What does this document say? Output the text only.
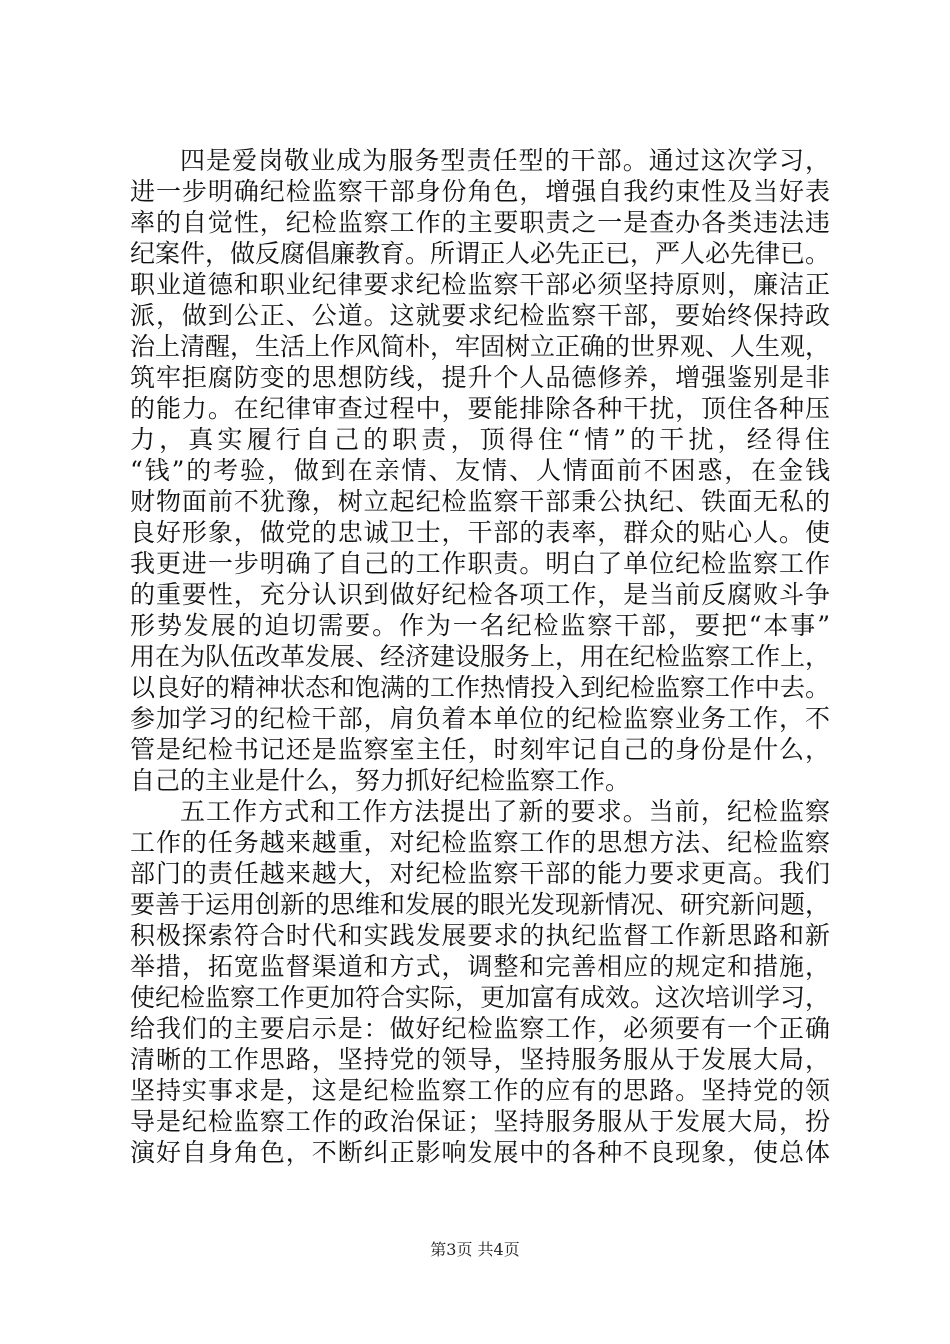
四是爱岗敬业成为服务型责任型的干部。通过这次学习，
进一步明确纪检监察干部身份角色，增强自我约束性及当好表
率的自觉性，纪检监察工作的主要职责之一是查办各类违法违
纪案件，做反腐倡廉教育。所谓正人必先正已，严人必先律已。
职业道德和职业纪律要求纪检监察干部必须坚持原则，廉洁正
派，做到公正、公道。这就要求纪检监察干部，要始终保持政
治上清醒，生活上作风简朴，牢固树立正确的世界观、人生观，
筑牢拒腐防变的思想防线，提升个人品德修养，增强鉴别是非
的能力。在纪律审查过程中，要能排除各种干扰，顶住各种压
力，真实履行自己的职责，顶得住“情”的干扰，经得住
“钱”的考验，做到在亲情、友情、人情面前不困惑，在金钱
财物面前不犹豫，树立起纪检监察干部秉公执纪、铁面无私的
良好形象，做党的忠诚卫士，干部的表率，群众的贴心人。使
我更进一步明确了自己的工作职责。明白了单位纪检监察工作
的重要性，充分认识到做好纪检各项工作，是当前反腐败斗争
形势发展的迫切需要。作为一名纪检监察干部，要把“本事”
用在为队伍改革发展、经济建设服务上，用在纪检监察工作上，
以良好的精神状态和饱满的工作热情投入到纪检监察工作中去。
参加学习的纪检干部，肩负着本单位的纪检监察业务工作，不
管是纪检书记还是监察室主任，时刻牢记自己的身份是什么，
自己的主业是什么，努力抓好纪检监察工作。
五工作方式和工作方法提出了新的要求。当前，纪检监察
工作的任务越来越重，对纪检监察工作的思想方法、纪检监察
部门的责任越来越大，对纪检监察干部的能力要求更高。我们
要善于运用创新的思维和发展的眼光发现新情况、研究新问题，
积极探索符合时代和实践发展要求的执纪监督工作新思路和新
举措，拓宽监督渠道和方式，调整和完善相应的规定和措施，
使纪检监察工作更加符合实际，更加富有成效。这次培训学习，
给我们的主要启示是：做好纪检监察工作，必须要有一个正确
清晰的工作思路，坚持党的领导，坚持服务服从于发展大局，
坚持实事求是，这是纪检监察工作的应有的思路。坚持党的领
导是纪检监察工作的政治保证；坚持服务服从于发展大局，扮
演好自身角色，不断纠正影响发展中的各种不良现象，使总体
第3页 共4页
